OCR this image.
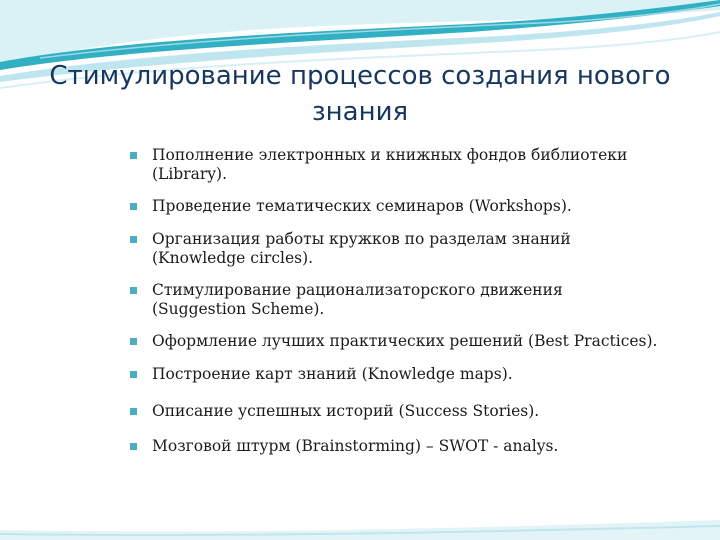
Стимулирование процессов создания нового
знания
Пополнение электронных и книжных фондов библиотеки (Library).
Проведение тематических семинаров (Workshops).
Организация работы кружков по разделам знаний (Knowledge circles).
Стимулирование рационализаторского движения (Suggestion Scheme).
Оформление лучших практических решений (Best Practices).
Построение карт знаний (Knowledge maps).
Описание успешных историй (Success Stories).
Мозговой штурм (Brainstorming) – SWOT - analys.
